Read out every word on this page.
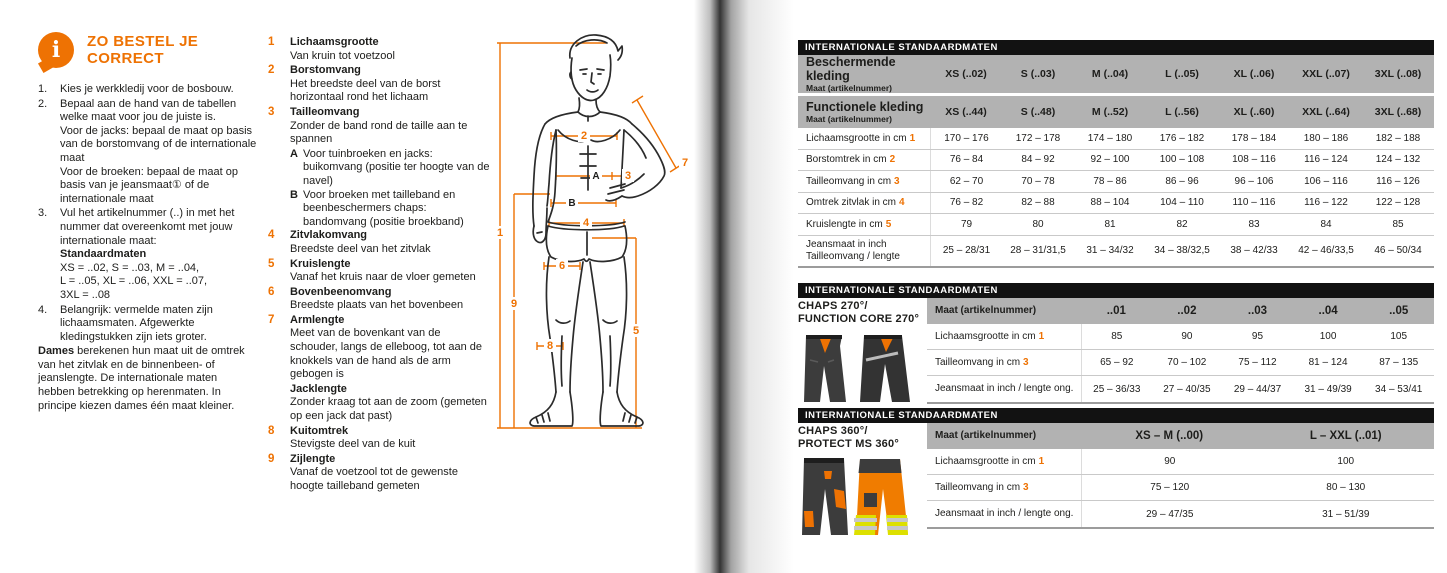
i ZO BESTEL JE
CORRECT
1.	Kies je werkkledij voor de bosbouw.

2.	Bepaal aan de hand van de tabellen welke maat voor jou de juiste is.

Voor de jacks: bepaal de maat op basis van de borstomvang of de internationale maat

Voor de broeken: bepaal de maat op basis van je jeansmaat① of de internationale maat

3.	Vul het artikelnummer (..) in met het nummer dat overeenkomt met jouw internationale maat:

Standaardmaten

XS = ..02, S = ..03, M = ..04,

L = ..05, XL = ..06, XXL = ..07,

3XL = ..08

4.	Belangrijk: vermelde maten zijn lichaamsmaten. Afgewerkte kledingstukken zijn iets groter.

Dames berekenen hun maat uit de omtrek van het zitvlak en de binnenbeen- of jeanslengte. De internationale maten hebben betrekking op herenmaten. In principe kiezen dames één maat kleiner.

1	Lichaamsgrootte

Van kruin tot voetzool

2	Borstomvang

Het breedste deel van de borst horizontaal rond het lichaam

3	Tailleomvang

Zonder de band rond de taille aan te spannen

A Voor tuinbroeken en jacks: buikomvang (positie ter hoogte van de navel)
B Voor broeken met tailleband en beenbeschermers chaps: bandomvang (positie broekband)
4	Zitvlakomvang

Breedste deel van het zitvlak

5	Kruislengte

Vanaf het kruis naar de vloer gemeten

6	Bovenbeenomvang

Breedste plaats van het bovenbeen

7	Armlengte

Meet van de bovenkant van de schouder, langs de elleboog, tot aan de knokkels van de hand als de arm gebogen is

Jacklengte

Zonder kraag tot aan de zoom (gemeten op een jack dat past)

8	Kuitomtrek

Stevigste deel van de kuit

9	Zijlengte

Vanaf de voetzool tot de gewenste hoogte tailleband gemeten

1
2
3
4
5
6
7
8
9
A
B
INTERNATIONALE STANDAARDMATEN
Beschermende kleding
Maat (artikelnummer)
XS (..02)	S (..03)	M (..04)	L (..05)	XL (..06)	XXL (..07)	3XL (..08)
Functionele kleding
Maat (artikelnummer)
XS (..44)	S (..48)	M (..52)	L (..56)	XL (..60)	XXL (..64)	3XL (..68)
Lichaamsgrootte in cm 1	170 – 176	172 – 178	174 – 180	176 – 182	178 – 184	180 – 186	182 – 188
Borstomtrek in cm 2	76 – 84	84 – 92	92 – 100	100 – 108	108 – 116	116 – 124	124 – 132
Tailleomvang in cm 3	62 – 70	70 – 78	78 – 86	86 – 96	96 – 106	106 – 116	116 – 126
Omtrek zitvlak in cm 4	76 – 82	82 – 88	88 – 104	104 – 110	110 – 116	116 – 122	122 – 128
Kruislengte in cm 5	79	80	81	82	83	84	85
Jeansmaat in inch
Tailleomvang / lengte	25 – 28/31	28 – 31/31,5	31 – 34/32	34 – 38/32,5	38 – 42/33	42 – 46/33,5	46 – 50/34
INTERNATIONALE STANDAARDMATEN

CHAPS 270°/
FUNCTION CORE 270°

Maat (artikelnummer)	..01	..02	..03	..04	..05
Lichaamsgrootte in cm 1	85	90	95	100	105
Tailleomvang in cm 3	65 – 92	70 – 102	75 – 112	81 – 124	87 – 135
Jeansmaat in inch / lengte ong.	25 – 36/33	27 – 40/35	29 – 44/37	31 – 49/39	34 – 53/41
INTERNATIONALE STANDAARDMATEN

CHAPS 360°/
PROTECT MS 360°

Maat (artikelnummer)	XS – M (..00)	L – XXL (..01)
Lichaamsgrootte in cm 1	90	100
Tailleomvang in cm 3	75 – 120	80 – 130
Jeansmaat in inch / lengte ong.	29 – 47/35	31 – 51/39
